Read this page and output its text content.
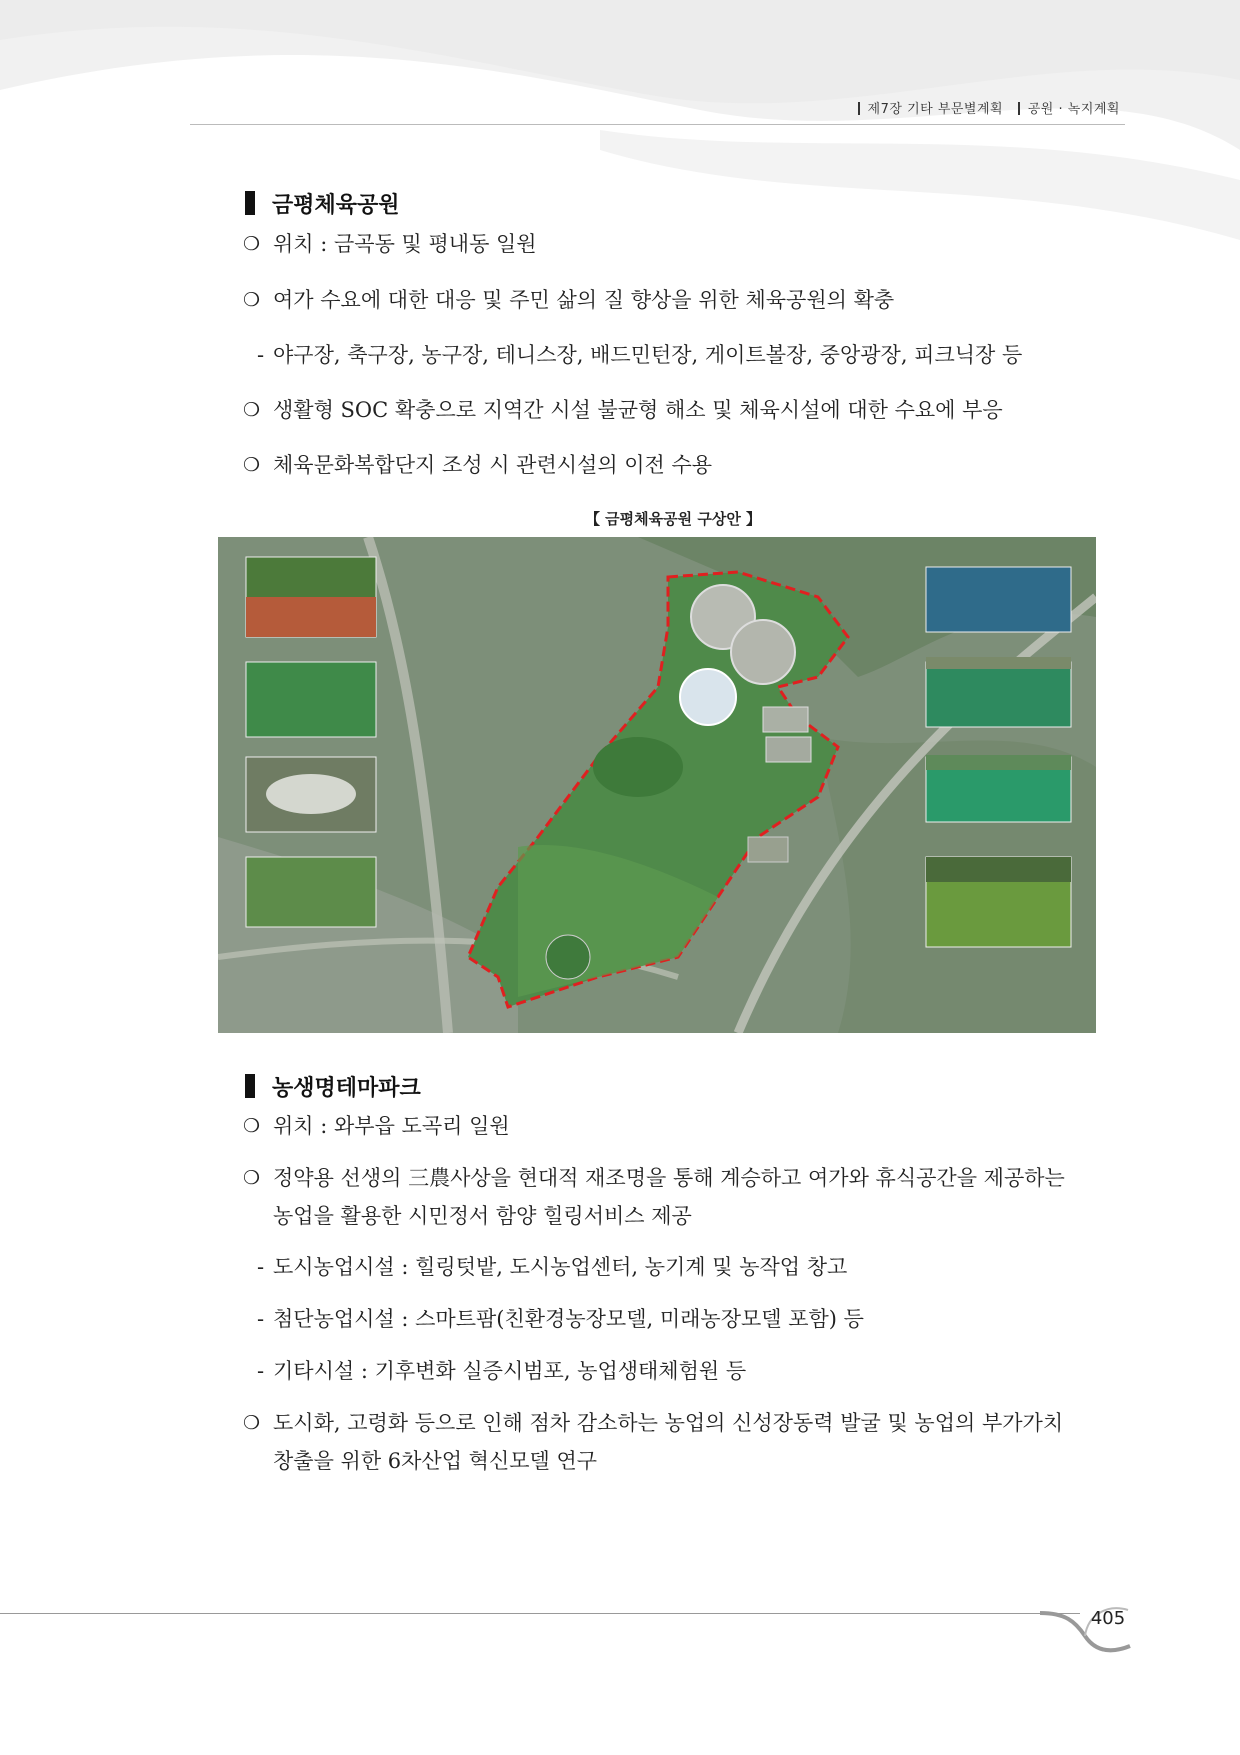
제7장 기타 부문별계획 공원 · 녹지계획
금평체육공원
❍ 위치 : 금곡동 및 평내동 일원
❍ 여가 수요에 대한 대응 및 주민 삶의 질 향상을 위한 체육공원의 확충
- 야구장, 축구장, 농구장, 테니스장, 배드민턴장, 게이트볼장, 중앙광장, 피크닉장 등
❍ 생활형 SOC 확충으로 지역간 시설 불균형 해소 및 체육시설에 대한 수요에 부응
❍ 체육문화복합단지 조성 시 관련시설의 이전 수용
【 금평체육공원 구상안 】
농생명테마파크
❍ 위치 : 와부읍 도곡리 일원
❍ 정약용 선생의 三農사상을 현대적 재조명을 통해 계승하고 여가와 휴식공간을 제공하는
농업을 활용한 시민정서 함양 힐링서비스 제공
- 도시농업시설 : 힐링텃밭, 도시농업센터, 농기계 및 농작업 창고
- 첨단농업시설 : 스마트팜(친환경농장모델, 미래농장모델 포함) 등
- 기타시설 : 기후변화 실증시범포, 농업생태체험원 등
❍ 도시화, 고령화 등으로 인해 점차 감소하는 농업의 신성장동력 발굴 및 농업의 부가가치
창출을 위한 6차산업 혁신모델 연구
405
